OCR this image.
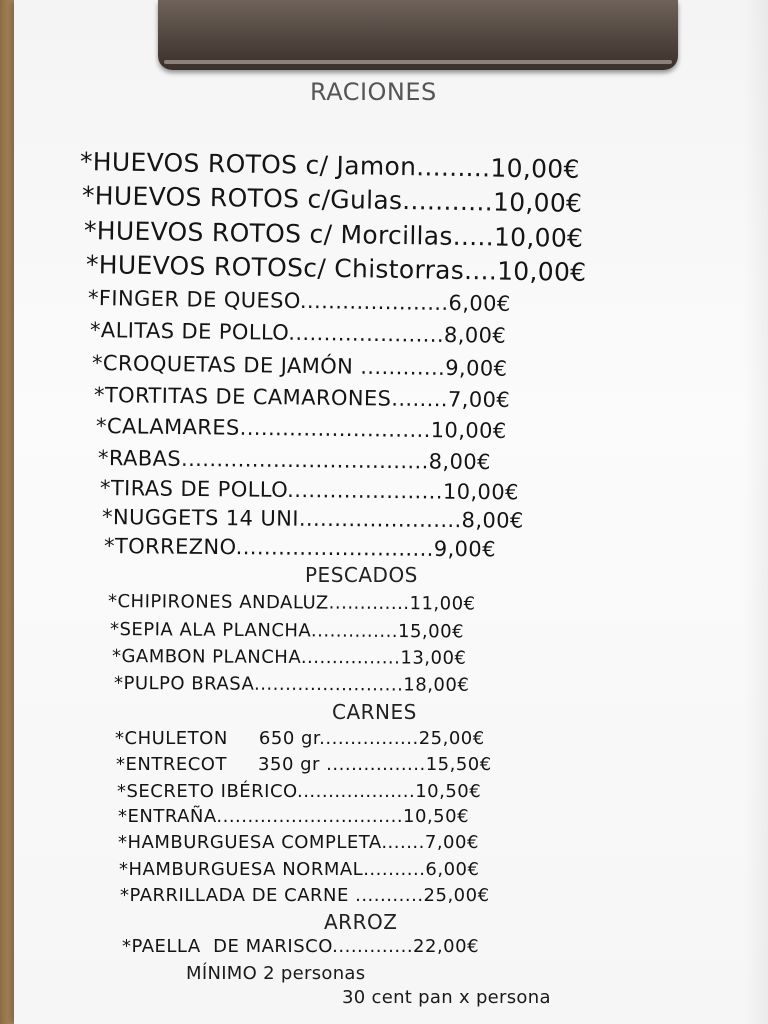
RACIONES
*HUEVOS ROTOS c/ Jamon.........10,00€
*HUEVOS ROTOS c/Gulas...........10,00€
*HUEVOS ROTOS c/ Morcillas.....10,00€
*HUEVOS ROTOSc/ Chistorras....10,00€
*FINGER DE QUESO.....................6,00€
*ALITAS DE POLLO......................8,00€
*CROQUETAS DE JAMÓN ............9,00€
*TORTITAS DE CAMARONES........7,00€
*CALAMARES...........................10,00€
*RABAS...................................8,00€
*TIRAS DE POLLO......................10,00€
*NUGGETS 14 UNI.......................8,00€
*TORREZNO............................9,00€
PESCADOS
*CHIPIRONES ANDALUZ.............11,00€
*SEPIA ALA PLANCHA..............15,00€
*GAMBON PLANCHA................13,00€
*PULPO BRASA........................18,00€
CARNES
*CHULETON     650 gr................25,00€
*ENTRECOT     350 gr ................15,50€
*SECRETO IBÉRICO...................10,50€
*ENTRAÑA..............................10,50€
*HAMBURGUESA COMPLETA.......7,00€
*HAMBURGUESA NORMAL..........6,00€
*PARRILLADA DE CARNE ...........25,00€
ARROZ
*PAELLA  DE MARISCO.............22,00€
MÍNIMO 2 personas
30 cent pan x persona
